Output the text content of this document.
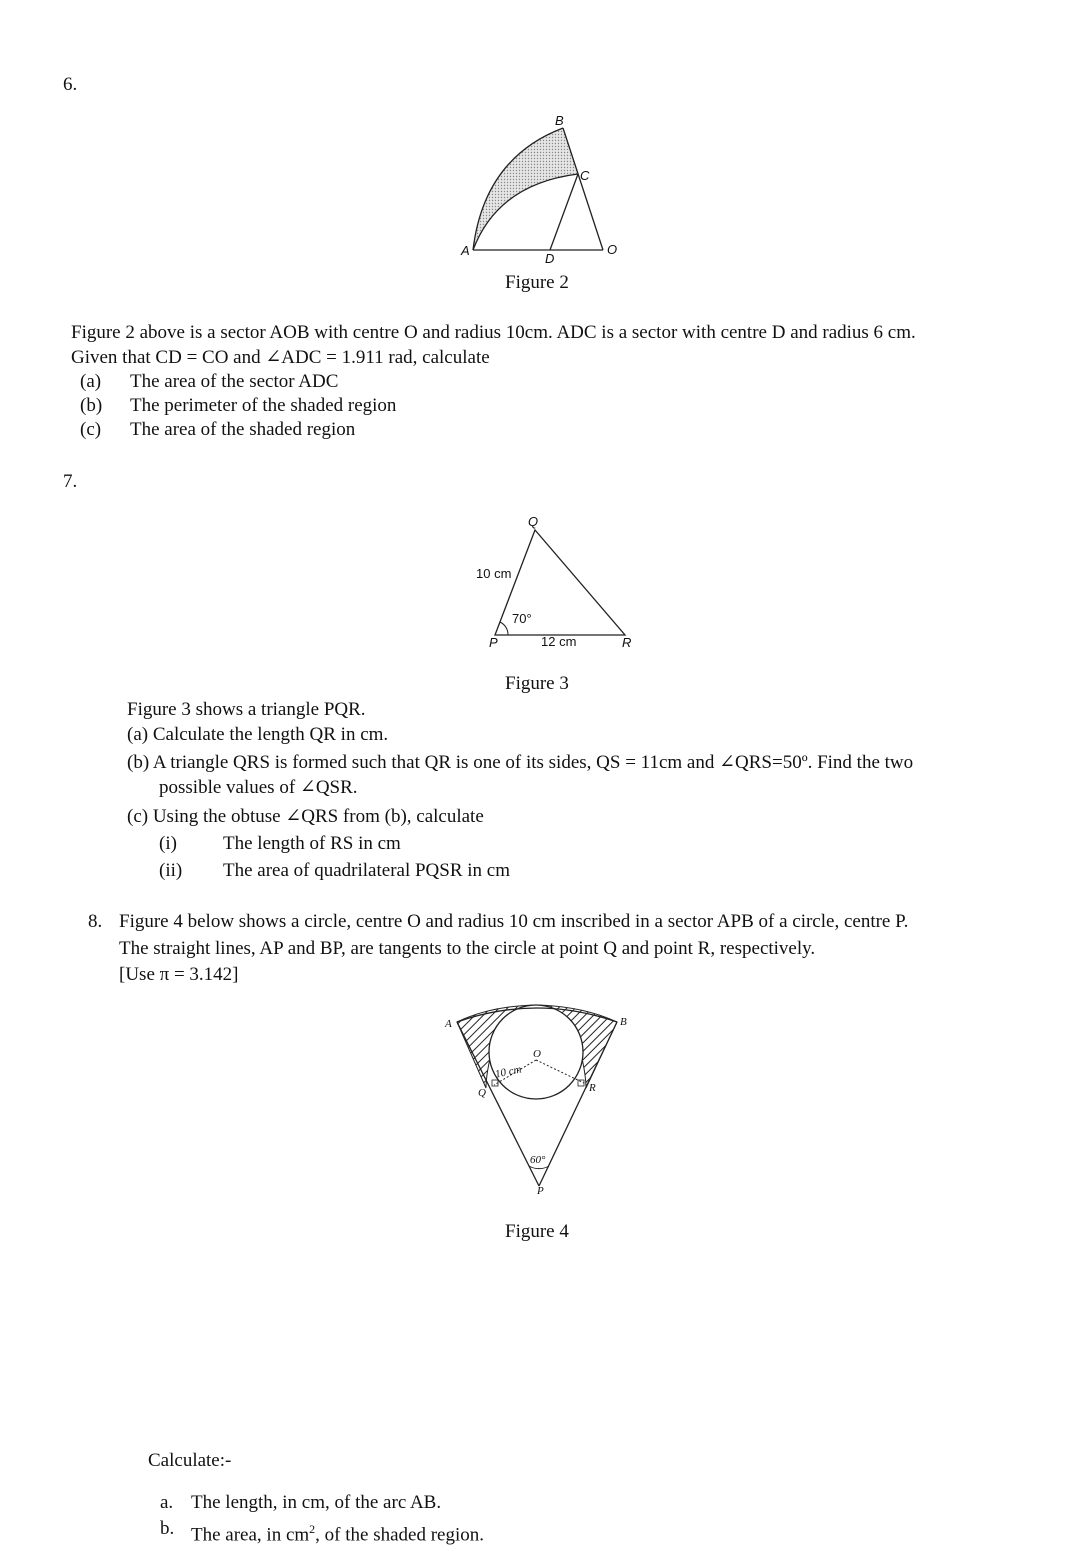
6.
B
C
A
D
O
Figure 2
Figure 2 above is a sector AOB with centre O and radius 10cm. ADC is a sector with centre D and radius 6 cm.
Given that CD = CO and ∠ADC = 1.911 rad, calculate
(a)	The area of the sector ADC
(b)	The perimeter of the shaded region
(c)	The area of the shaded region
7.
Q
10 cm
70°
P	12 cm	R
Figure 3
Figure 3 shows a triangle PQR.
(a) Calculate the length QR in cm.
(b) A triangle QRS is formed such that QR is one of its sides, QS = 11cm and ∠QRS=50º. Find the two
possible values of ∠QSR.
(c) Using the obtuse ∠QRS from (b), calculate
(i)	The length of RS in cm
(ii)	The area of quadrilateral PQSR in cm
8. Figure 4 below shows a circle, centre O and radius 10 cm inscribed in a sector APB of a circle, centre P.
The straight lines, AP and BP, are tangents to the circle at point Q and point R, respectively.
[Use π = 3.142]
A	B
O
10 cm
Q	R
60°
P
Figure 4
Calculate:-
a. The length, in cm, of the arc AB.
b. The area, in $cm^2$, of the shaded region.
